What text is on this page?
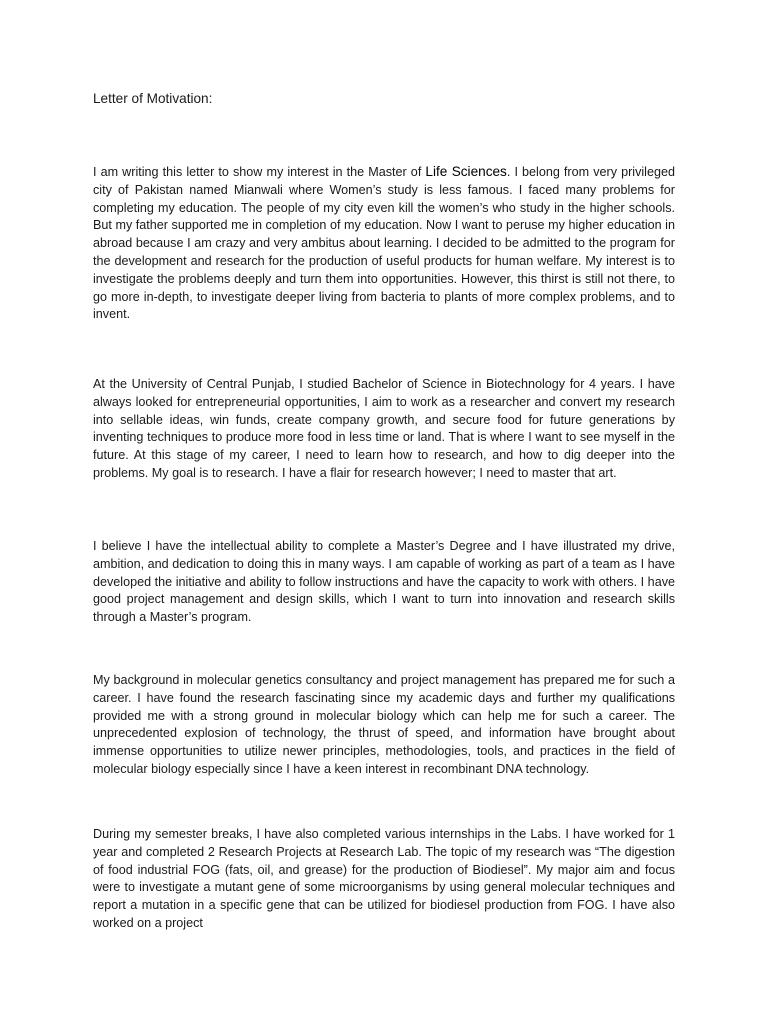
Letter of Motivation:

I am writing this letter to show my interest in the Master of Life Sciences. I belong from very privileged city of Pakistan named Mianwali where Women’s study is less famous. I faced many problems for completing my education. The people of my city even kill the women’s who study in the higher schools. But my father supported me in completion of my education. Now I want to peruse my higher education in abroad because I am crazy and very ambitus about learning. I decided to be admitted to the program for the development and research for the production of useful products for human welfare. My interest is to investigate the problems deeply and turn them into opportunities. However, this thirst is still not there, to go more in-depth, to investigate deeper living from bacteria to plants of more complex problems, and to invent.

At the University of Central Punjab, I studied Bachelor of Science in Biotechnology for 4 years. I have always looked for entrepreneurial opportunities, I aim to work as a researcher and convert my research into sellable ideas, win funds, create company growth, and secure food for future generations by inventing techniques to produce more food in less time or land. That is where I want to see myself in the future. At this stage of my career, I need to learn how to research, and how to dig deeper into the problems. My goal is to research. I have a flair for research however; I need to master that art.

I believe I have the intellectual ability to complete a Master’s Degree and I have illustrated my drive, ambition, and dedication to doing this in many ways. I am capable of working as part of a team as I have developed the initiative and ability to follow instructions and have the capacity to work with others. I have good project management and design skills, which I want to turn into innovation and research skills through a Master’s program.

My background in molecular genetics consultancy and project management has prepared me for such a career. I have found the research fascinating since my academic days and further my qualifications provided me with a strong ground in molecular biology which can help me for such a career. The unprecedented explosion of technology, the thrust of speed, and information have brought about immense opportunities to utilize newer principles, methodologies, tools, and practices in the field of molecular biology especially since I have a keen interest in recombinant DNA technology.

During my semester breaks, I have also completed various internships in the Labs. I have worked for 1 year and completed 2 Research Projects at Research Lab. The topic of my research was “The digestion of food industrial FOG (fats, oil, and grease) for the production of Biodiesel”. My major aim and focus were to investigate a mutant gene of some microorganisms by using general molecular techniques and report a mutation in a specific gene that can be utilized for biodiesel production from FOG. I have also worked on a project
